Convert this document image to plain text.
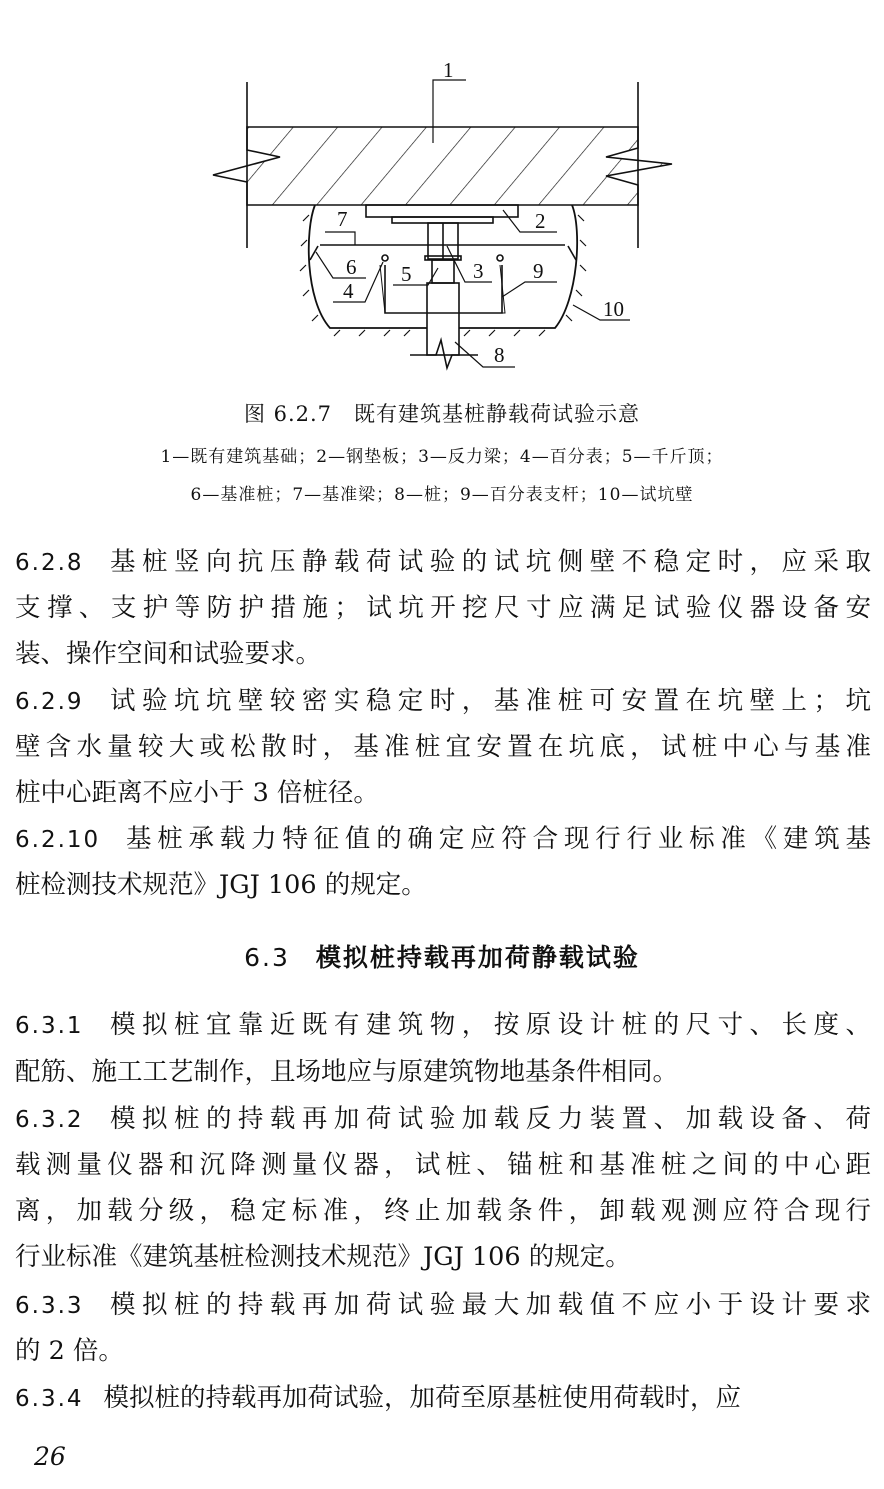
1
2
3
4
5
6
7
8
9
10
图 6.2.7　既有建筑基桩静载荷试验示意
1—既有建筑基础；2—钢垫板；3—反力梁；4—百分表；5—千斤顶；
6—基准桩；7—基准梁；8—桩；9—百分表支杆；10—试坑壁
6.2.8 基桩竖向抗压静载荷试验的试坑侧壁不稳定时，应采取
支撑、支护等防护措施；试坑开挖尺寸应满足试验仪器设备安
装、操作空间和试验要求。
6.2.9 试验坑坑壁较密实稳定时，基准桩可安置在坑壁上；坑
壁含水量较大或松散时，基准桩宜安置在坑底，试桩中心与基准
桩中心距离不应小于 3 倍桩径。
6.2.10 基桩承载力特征值的确定应符合现行行业标准《建筑基
桩检测技术规范》JGJ 106 的规定。
6.3 模拟桩持载再加荷静载试验
6.3.1 模拟桩宜靠近既有建筑物，按原设计桩的尺寸、长度、
配筋、施工工艺制作，且场地应与原建筑物地基条件相同。
6.3.2 模拟桩的持载再加荷试验加载反力装置、加载设备、荷
载测量仪器和沉降测量仪器，试桩、锚桩和基准桩之间的中心距
离，加载分级，稳定标准，终止加载条件，卸载观测应符合现行
行业标准《建筑基桩检测技术规范》JGJ 106 的规定。
6.3.3 模拟桩的持载再加荷试验最大加载值不应小于设计要求
的 2 倍。
6.3.4 模拟桩的持载再加荷试验，加荷至原基桩使用荷载时，应
26
